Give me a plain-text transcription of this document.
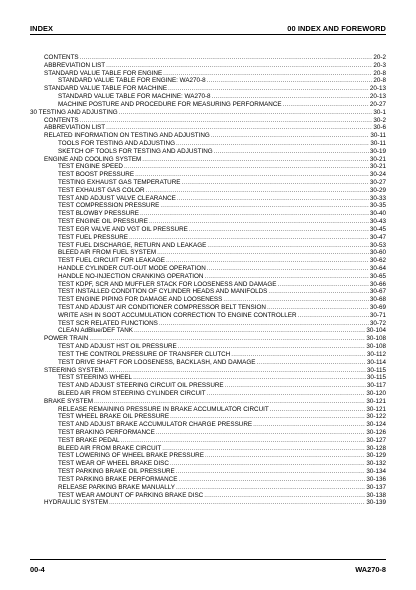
INDEX	00 INDEX AND FOREWORD
CONTENTS .....	20-2
ABBREVIATION LIST .....	20-3
STANDARD VALUE TABLE FOR ENGINE .....	20-8
STANDARD VALUE TABLE FOR ENGINE: WA270-8 .....	20-8
STANDARD VALUE TABLE FOR MACHINE .....	20-13
STANDARD VALUE TABLE FOR MACHINE: WA270-8 .....	20-13
MACHINE POSTURE AND PROCEDURE FOR MEASURING PERFORMANCE .....	20-27
30 TESTING AND ADJUSTING .....	30-1
CONTENTS .....	30-2
ABBREVIATION LIST .....	30-6
RELATED INFORMATION ON TESTING AND ADJUSTING .....	30-11
TOOLS FOR TESTING AND ADJUSTING .....	30-11
SKETCH OF TOOLS FOR TESTING AND ADJUSTING .....	30-19
ENGINE AND COOLING SYSTEM .....	30-21
TEST ENGINE SPEED .....	30-21
TEST BOOST PRESSURE .....	30-24
TESTING EXHAUST GAS TEMPERATURE .....	30-27
TEST EXHAUST GAS COLOR .....	30-29
TEST AND ADJUST VALVE CLEARANCE .....	30-33
TEST COMPRESSION PRESSURE .....	30-35
TEST BLOWBY PRESSURE .....	30-40
TEST ENGINE OIL PRESSURE .....	30-43
TEST EGR VALVE AND VGT OIL PRESSURE .....	30-45
TEST FUEL PRESSURE .....	30-47
TEST FUEL DISCHARGE, RETURN AND LEAKAGE .....	30-53
BLEED AIR FROM FUEL SYSTEM .....	30-60
TEST FUEL CIRCUIT FOR LEAKAGE .....	30-62
HANDLE CYLINDER CUT-OUT MODE OPERATION .....	30-64
HANDLE NO-INJECTION CRANKING OPERATION .....	30-65
TEST KDPF, SCR AND MUFFLER STACK FOR LOOSENESS AND DAMAGE .....	30-66
TEST INSTALLED CONDITION OF CYLINDER HEADS AND MANIFOLDS .....	30-67
TEST ENGINE PIPING FOR DAMAGE AND LOOSENESS .....	30-68
TEST AND ADJUST AIR CONDITIONER COMPRESSOR BELT TENSION .....	30-69
WRITE ASH IN SOOT ACCUMULATION CORRECTION TO ENGINE CONTROLLER .....	30-71
TEST SCR RELATED FUNCTIONS .....	30-72
CLEAN AdBlue/DEF TANK .....	30-104
POWER TRAIN .....	30-108
TEST AND ADJUST HST OIL PRESSURE .....	30-108
TEST THE CONTROL PRESSURE OF TRANSFER CLUTCH .....	30-112
TEST DRIVE SHAFT FOR LOOSENESS, BACKLASH, AND DAMAGE .....	30-114
STEERING SYSTEM .....	30-115
TEST STEERING WHEEL .....	30-115
TEST AND ADJUST STEERING CIRCUIT OIL PRESSURE .....	30-117
BLEED AIR FROM STEERING CYLINDER CIRCUIT .....	30-120
BRAKE SYSTEM .....	30-121
RELEASE REMAINING PRESSURE IN BRAKE ACCUMULATOR CIRCUIT .....	30-121
TEST WHEEL BRAKE OIL PRESSURE .....	30-122
TEST AND ADJUST BRAKE ACCUMULATOR CHARGE PRESSURE .....	30-124
TEST BRAKING PERFORMANCE .....	30-126
TEST BRAKE PEDAL .....	30-127
BLEED AIR FROM BRAKE CIRCUIT .....	30-128
TEST LOWERING OF WHEEL BRAKE PRESSURE .....	30-129
TEST WEAR OF WHEEL BRAKE DISC .....	30-132
TEST PARKING BRAKE OIL PRESSURE .....	30-134
TEST PARKING BRAKE PERFORMANCE .....	30-136
RELEASE PARKING BRAKE MANUALLY .....	30-137
TEST WEAR AMOUNT OF PARKING BRAKE DISC .....	30-138
HYDRAULIC SYSTEM .....	30-139
00-4	WA270-8
